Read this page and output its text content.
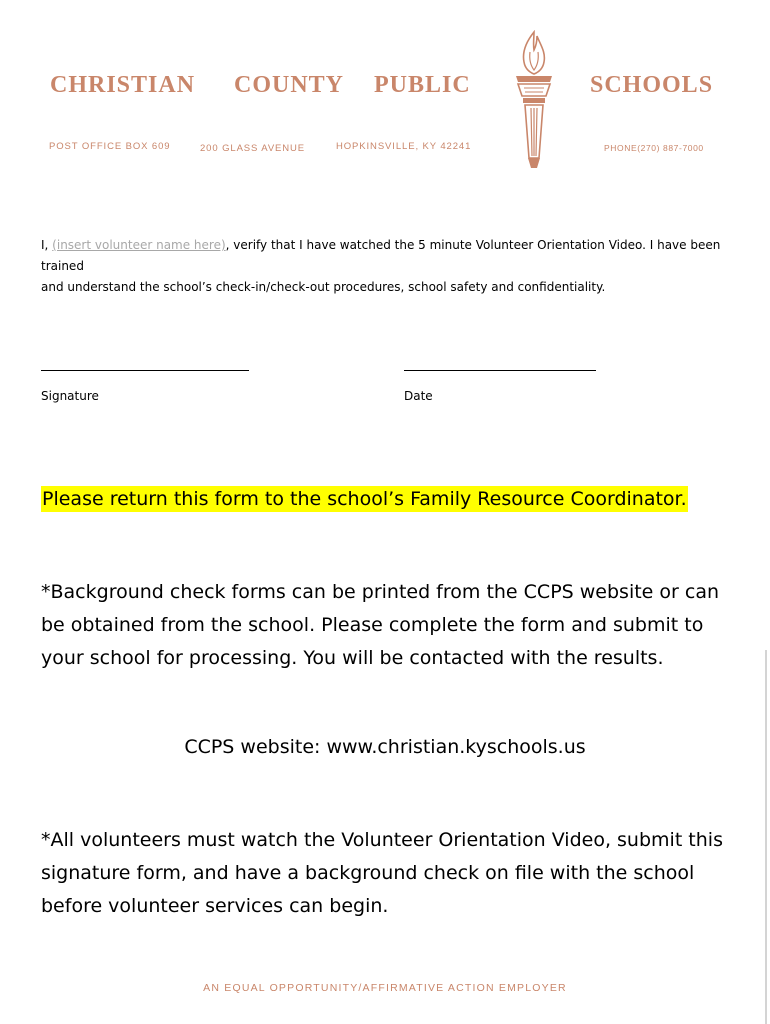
CHRISTIAN COUNTY PUBLIC	SCHOOLS
POST OFFICE BOX 609	200 GLASS AVENUE	HOPKINSVILLE, KY 42241	PHONE(270) 887-7000
I, (insert volunteer name here), verify that I have watched the 5 minute Volunteer Orientation Video. I have been trained
and understand the school’s check-in/check-out procedures, school safety and confidentiality.
Signature	Date
Please return this form to the school’s Family Resource Coordinator.
*Background check forms can be printed from the CCPS website or can be obtained from the school. Please complete the form and submit to your school for processing. You will be contacted with the results.
CCPS website: www.christian.kyschools.us
*All volunteers must watch the Volunteer Orientation Video, submit this signature form, and have a background check on file with the school before volunteer services can begin.
AN EQUAL OPPORTUNITY/AFFIRMATIVE ACTION EMPLOYER
